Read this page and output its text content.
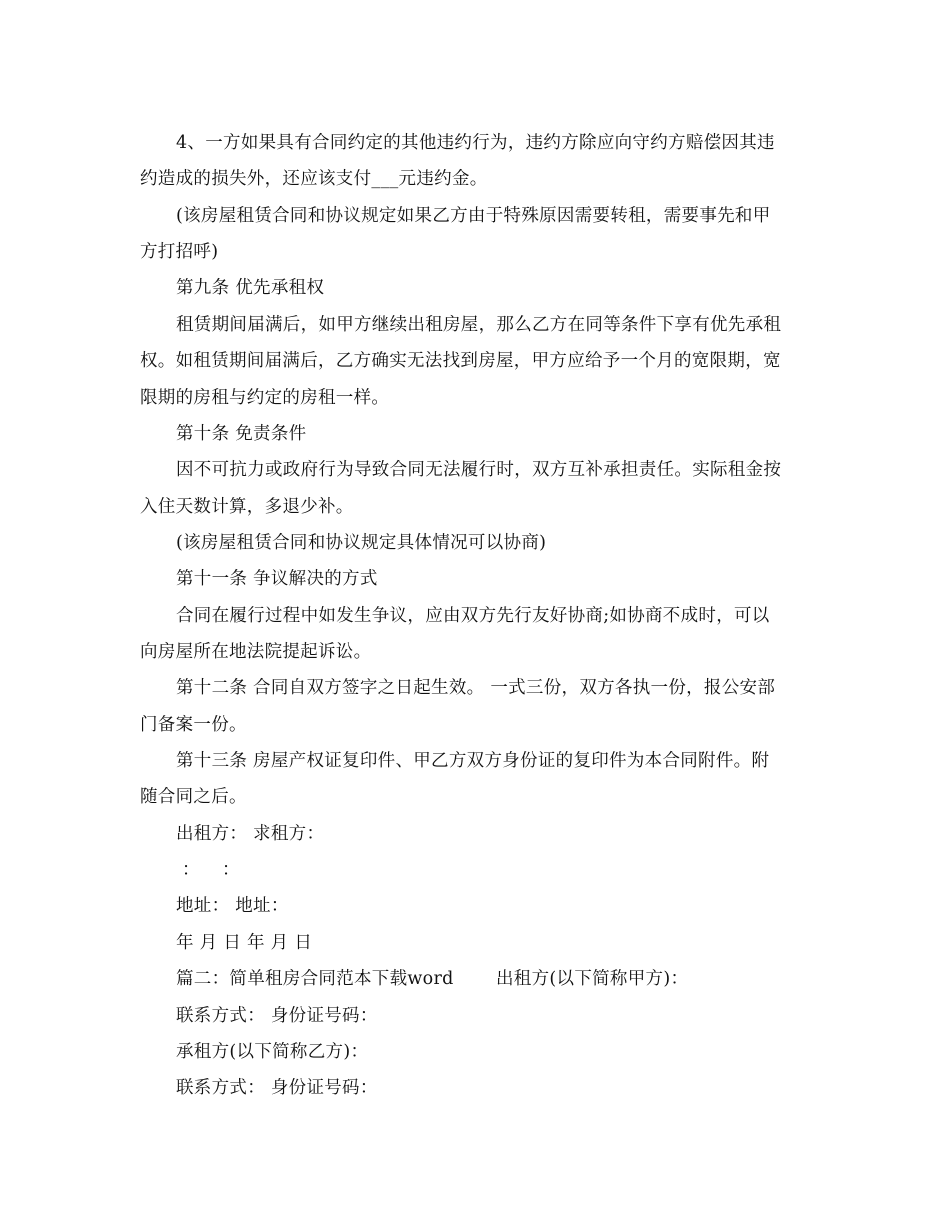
4、一方如果具有合同约定的其他违约行为，违约方除应向守约方赔偿因其违
约造成的损失外，还应该支付___元违约金。
(该房屋租赁合同和协议规定如果乙方由于特殊原因需要转租，需要事先和甲
方打招呼)
第九条 优先承租权
租赁期间届满后，如甲方继续出租房屋，那么乙方在同等条件下享有优先承租
权。如租赁期间届满后，乙方确实无法找到房屋，甲方应给予一个月的宽限期，宽
限期的房租与约定的房租一样。
第十条 免责条件
因不可抗力或政府行为导致合同无法履行时，双方互补承担责任。实际租金按
入住天数计算，多退少补。
(该房屋租赁合同和协议规定具体情况可以协商)
第十一条 争议解决的方式
合同在履行过程中如发生争议，应由双方先行友好协商;如协商不成时，可以
向房屋所在地法院提起诉讼。
第十二条 合同自双方签字之日起生效。 一式三份，双方各执一份，报公安部
门备案一份。
第十三条 房屋产权证复印件、甲乙方双方身份证的复印件为本合同附件。附
随合同之后。
出租方： 求租方：
： ：
地址： 地址：
年 月 日 年 月 日
篇二：简单租房合同范本下载word 出租方(以下简称甲方)：
联系方式： 身份证号码：
承租方(以下简称乙方)：
联系方式： 身份证号码：
